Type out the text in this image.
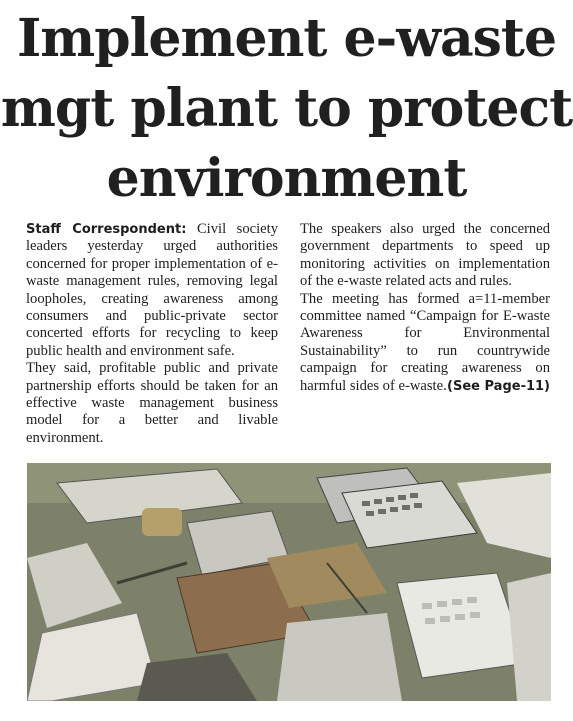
Implement e-waste
mgt plant to protect
environment

Staff Correspondent: Civil society leaders yesterday urged authorities concerned for proper implementation of e-waste management rules, removing legal loopholes, creating awareness among consumers and public-private sector concerted efforts for recycling to keep public health and environment safe.

They said, profitable public and private partnership efforts should be taken for an effective waste management business model for a better and livable environment.

The speakers also urged the concerned government departments to speed up monitoring activities on implementation of the e-waste related acts and rules.

The meeting has formed a=11-member committee named “Campaign for E-waste Awareness for Environmental Sustainability” to run countrywide campaign for creating awareness on harmful sides of e-waste. (See Page-11)
